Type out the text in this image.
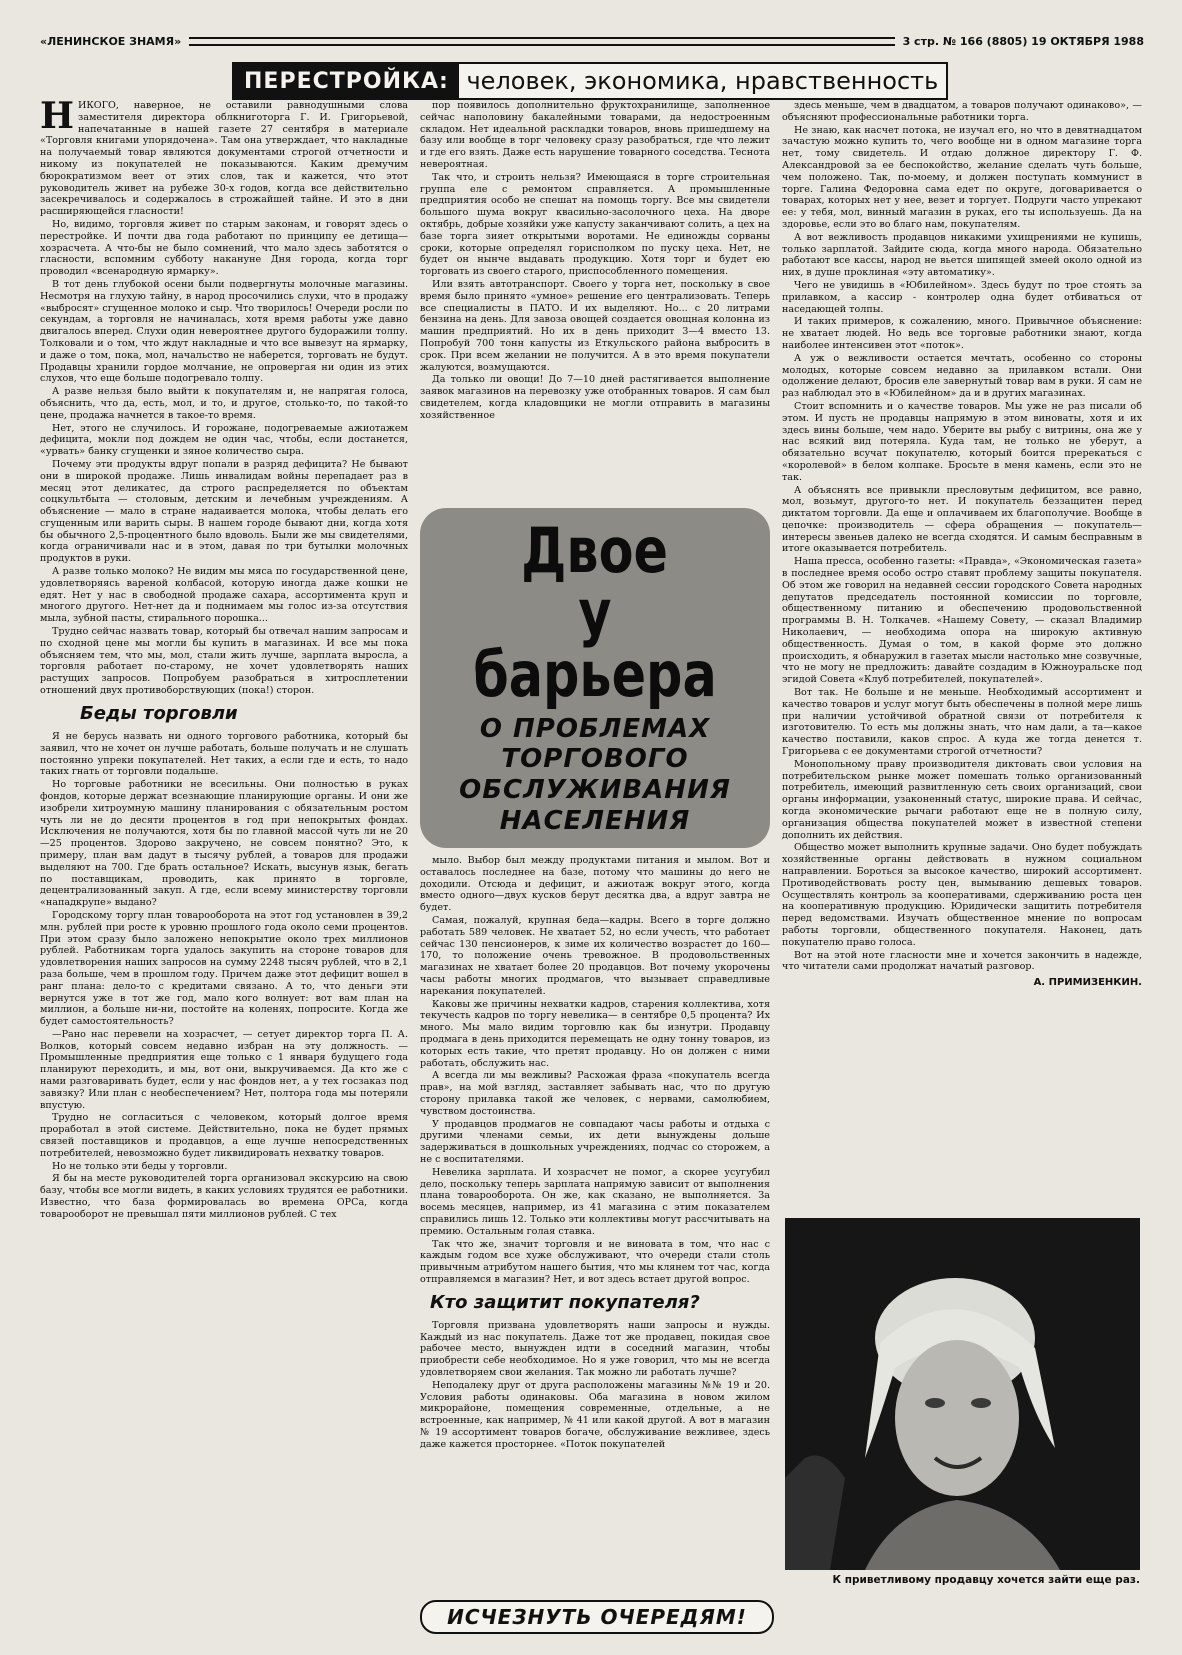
«ЛЕНИНСКОЕ ЗНАМЯ»	3 стр. № 166 (8805) 19 ОКТЯБРЯ 1988
ПЕРЕСТРОЙКА: человек, экономика, нравственность

НИКОГО, наверное, не оставили равнодушными слова заместителя директора облкниготорга Г. И. Григорьевой, напечатанные в нашей газете 27 сентября в материале «Торговля книгами упорядочена». Там она утверждает, что накладные на получаемый товар являются документами строгой отчетности и никому из покупателей не показываются. Каким дремучим бюрократизмом веет от этих слов, так и кажется, что этот руководитель живет на рубеже 30-х годов, когда все действительно засекречивалось и содержалось в строжайшей тайне. И это в дни расширяющейся гласности!

Но, видимо, торговля живет по старым законам, и говорят здесь о перестройке. И почти два года работают по принципу ее детища—хозрасчета. А что-бы не было сомнений, что мало здесь заботятся о гласности, вспомним субботу накануне Дня города, когда торг проводил «всенародную ярмарку».

В тот день глубокой осени были подвергнуты молочные магазины. Несмотря на глухую тайну, в народ просочились слухи, что в продажу «выбросят» сгущенное молоко и сыр. Что творилось! Очереди росли по секундам, а торговля не начиналась, хотя время работы уже давно двигалось вперед. Слухи один невероятнее другого будоражили толпу. Толковали и о том, что ждут накладные и что все вывезут на ярмарку, и даже о том, пока, мол, начальство не наберется, торговать не будут. Продавцы хранили гордое молчание, не опровергая ни один из этих слухов, что еще больше подогревало толпу.

А разве нельзя было выйти к покупателям и, не напрягая голоса, объяснить, что да, есть, мол, и то, и другое, столько-то, по такой-то цене, продажа начнется в такое-то время.

Нет, этого не случилось. И горожане, подогреваемые ажиотажем дефицита, мокли под дождем не один час, чтобы, если достанется, «урвать» банку сгущенки и зяное количество сыра.

Почему эти продукты вдруг попали в разряд дефицита? Не бывают они в широкой продаже. Лишь инвалидам войны перепадает раз в месяц этот деликатес, да строго распределяется по объектам соцкультбыта — столовым, детским и лечебным учреждениям. А объяснение — мало в стране надаивается молока, чтобы делать его сгущенным или варить сыры. В нашем городе бывают дни, когда хотя бы обычного 2,5-процентного было вдоволь. Были же мы свидетелями, когда ограничивали нас и в этом, давая по три бутылки молочных продуктов в руки.

А разве только молоко? Не видим мы мяса по государственной цене, удовлетворяясь вареной колбасой, которую иногда даже кошки не едят. Нет у нас в свободной продаже сахара, ассортимента круп и многого другого. Нет-нет да и поднимаем мы голос из-за отсутствия мыла, зубной пасты, стирального порошка...

Трудно сейчас назвать товар, который бы отвечал нашим запросам и по сходной цене мы могли бы купить в магазинах. И все мы пока объясняем тем, что мы, мол, стали жить лучше, зарплата выросла, а торговля работает по-старому, не хочет удовлетворять наших растущих запросов. Попробуем разобраться в хитросплетении отношений двух противоборствующих (пока!) сторон.

Беды торговли

Я не берусь назвать ни одного торгового работника, который бы заявил, что не хочет он лучше работать, больше получать и не слушать постоянно упреки покупателей. Нет таких, а если где и есть, то надо таких гнать от торговли подальше.

Но торговые работники не всесильны. Они полностью в руках фондов, которые держат всезнающие планирующие органы. И они же изобрели хитроумную машину планирования с обязательным ростом чуть ли не до десяти процентов в год при непокрытых фондах. Исключения не получаются, хотя бы по главной массой чуть ли не 20—25 процентов. Здорово закручено, не совсем понятно? Это, к примеру, план вам дадут в тысячу рублей, а товаров для продажи выделяют на 700. Где брать остальное? Искать, высунув язык, бегать по поставщикам, проводить, как принято в торговле, децентрализованный закуп. А где, если всему министерству торговли «нападкрупе» выдано?

Городскому торгу план товарооборота на этот год установлен в 39,2 млн. рублей при росте к уровню прошлого года около семи процентов. При этом сразу было заложено непокрытие около трех миллионов рублей. Работникам торга удалось закупить на стороне товаров для удовлетворения наших запросов на сумму 2248 тысяч рублей, что в 2,1 раза больше, чем в прошлом году. Причем даже этот дефицит вошел в ранг плана: дело-то с кредитами связано. А то, что деньги эти вернутся уже в тот же год, мало кого волнует: вот вам план на миллион, а больше ни-ни, постойте на коленях, попросите. Когда же будет самостоятельность?

—Рано нас перевели на хозрасчет, — сетует директор торга П. А. Волков, который совсем недавно избран на эту должность. — Промышленные предприятия еще только с 1 января будущего года планируют переходить, и мы, вот они, выкручиваемся. Да кто же с нами разговаривать будет, если у нас фондов нет, а у тех госзаказ под завязку? Или план с необеспечением? Нет, полтора года мы потеряли впустую.

Трудно не согласиться с человеком, который долгое время проработал в этой системе. Действительно, пока не будет прямых связей поставщиков и продавцов, а еще лучше непосредственных потребителей, невозможно будет ликвидировать нехватку товаров.

Но не только эти беды у торговли.

Я бы на месте руководителей торга организовал экскурсию на свою базу, чтобы все могли видеть, в каких условиях трудятся ее работники. Известно, что база формировалась во времена ОРСа, когда товарооборот не превышал пяти миллионов рублей. С тех

пор появилось дополнительно фруктохранилище, заполненное сейчас наполовину бакалейными товарами, да недостроенным складом. Нет идеальной раскладки товаров, вновь пришедшему на базу или вообще в торг человеку сразу разобраться, где что лежит и где его взять. Даже есть нарушение товарного соседства. Теснота невероятная.

Так что, и строить нельзя? Имеющаяся в торге строительная группа еле с ремонтом справляется. А промышленные предприятия особо не спешат на помощь торгу. Все мы свидетели большого шума вокруг квасильно-засолочного цеха. На дворе октябрь, добрые хозяйки уже капусту заканчивают солить, а цех на базе торга зияет открытыми воротами. Не единожды сорваны сроки, которые определял горисполком по пуску цеха. Нет, не будет он нынче выдавать продукцию. Хотя торг и будет ею торговать из своего старого, приспособленного помещения.

Или взять автотранспорт. Своего у торга нет, поскольку в свое время было принято «умное» решение его централизовать. Теперь все специалисты в ПАТО. И их выделяют. Но... с 20 литрами бензина на день. Для завоза овощей создается овощная колонна из машин предприятий. Но их в день приходит 3—4 вместо 13. Попробуй 700 тонн капусты из Еткульского района выбросить в срок. При всем желании не получится. А в это время покупатели жалуются, возмущаются.

Да только ли овощи! До 7—10 дней растягивается выполнение заявок магазинов на перевозку уже отобранных товаров. Я сам был свидетелем, когда кладовщики не могли отправить в магазины хозяйственное

Двое
у барьера
О ПРОБЛЕМАХ
ТОРГОВОГО
ОБСЛУЖИВАНИЯ
НАСЕЛЕНИЯ

мыло. Выбор был между продуктами питания и мылом. Вот и оставалось последнее на базе, потому что машины до него не доходили. Отсюда и дефицит, и ажиотаж вокруг этого, когда вместо одного—двух кусков берут десятка два, а вдруг завтра не будет.

Самая, пожалуй, крупная беда—кадры. Всего в торге должно работать 589 человек. Не хватает 52, но если учесть, что работает сейчас 130 пенсионеров, к зиме их количество возрастет до 160—170, то положение очень тревожное. В продовольственных магазинах не хватает более 20 продавцов. Вот почему укорочены часы работы многих продмагов, что вызывает справедливые нарекания покупателей.

Каковы же причины нехватки кадров, старения коллектива, хотя текучесть кадров по торгу невелика— в сентябре 0,5 процента? Их много. Мы мало видим торговлю как бы изнутри. Продавцу продмага в день приходится перемещать не одну тонну товаров, из которых есть такие, что претят продавцу. Но он должен с ними работать, обслужить нас.

А всегда ли мы вежливы? Расхожая фраза «покупатель всегда прав», на мой взгляд, заставляет забывать нас, что по другую сторону прилавка такой же человек, с нервами, самолюбием, чувством достоинства.

У продавцов продмагов не совпадают часы работы и отдыха с другими членами семьи, их дети вынуждены дольше задерживаться в дошкольных учреждениях, подчас со сторожем, а не с воспитателями.

Невелика зарплата. И хозрасчет не помог, а скорее усугубил дело, поскольку теперь зарплата напрямую зависит от выполнения плана товарооборота. Он же, как сказано, не выполняется. За восемь месяцев, например, из 41 магазина с этим показателем справились лишь 12. Только эти коллективы могут рассчитывать на премию. Остальным голая ставка.

Так что же, значит торговля и не виновата в том, что нас с каждым годом все хуже обслуживают, что очереди стали столь привычным атрибутом нашего бытия, что мы клянем тот час, когда отправляемся в магазин? Нет, и вот здесь встает другой вопрос.

Кто защитит покупателя?

Торговля призвана удовлетворять наши запросы и нужды. Каждый из нас покупатель. Даже тот же продавец, покидая свое рабочее место, вынужден идти в соседний магазин, чтобы приобрести себе необходимое. Но я уже говорил, что мы не всегда удовлетворяем свои желания. Так можно ли работать лучше?

Неподалеку друг от друга расположены магазины №№ 19 и 20. Условия работы одинаковы. Оба магазина в новом жилом микрорайоне, помещения современные, отдельные, а не встроенные, как например, № 41 или какой другой. А вот в магазин № 19 ассортимент товаров богаче, обслуживание вежливее, здесь даже кажется просторнее. «Поток покупателей

здесь меньше, чем в двадцатом, а товаров получают одинаково», — объясняют профессиональные работники торга.

Не знаю, как насчет потока, не изучал его, но что в девятнадцатом зачастую можно купить то, чего вообще ни в одном магазине торга нет, тому свидетель. И отдаю должное директору Г. Ф. Александровой за ее беспокойство, желание сделать чуть больше, чем положено. Так, по-моему, и должен поступать коммунист в торге. Галина Федоровна сама едет по округе, договаривается о товарах, которых нет у нее, везет и торгует. Подруги часто упрекают ее: у тебя, мол, винный магазин в руках, его ты используешь. Да на здоровье, если это во благо нам, покупателям.

А вот вежливость продавцов никакими ухищрениями не купишь, только зарплатой. Зайдите сюда, когда много народа. Обязательно работают все кассы, народ не вьется шипящей змеей около одной из них, в душе проклиная «эту автоматику».

Чего не увидишь в «Юбилейном». Здесь будут по трое стоять за прилавком, а кассир - контролер одна будет отбиваться от наседающей толпы.

И таких примеров, к сожалению, много. Привычное объяснение: не хватает людей. Но ведь все торговые работники знают, когда наиболее интенсивен этот «поток».

А уж о вежливости остается мечтать, особенно со стороны молодых, которые совсем недавно за прилавком встали. Они одолжение делают, бросив еле завернутый товар вам в руки. Я сам не раз наблюдал это в «Юбилейном» да и в других магазинах.

Стоит вспомнить и о качестве товаров. Мы уже не раз писали об этом. И пусть не продавцы напрямую в этом виноваты, хотя и их здесь вины больше, чем надо. Уберите вы рыбу с витрины, она же у нас всякий вид потеряла. Куда там, не только не уберут, а обязательно всучат покупателю, который боится пререкаться с «королевой» в белом колпаке. Бросьте в меня камень, если это не так.

А объяснять все привыкли пресловутым дефицитом, все равно, мол, возьмут, другого-то нет. И покупатель беззащитен перед диктатом торговли. Да еще и оплачиваем их благополучие. Вообще в цепочке: производитель — сфера обращения — покупатель—интересы звеньев далеко не всегда сходятся. И самым бесправным в итоге оказывается потребитель.

Наша пресса, особенно газеты: «Правда», «Экономическая газета» в последнее время особо остро ставят проблему защиты покупателя. Об этом же говорил на недавней сессии городского Совета народных депутатов председатель постоянной комиссии по торговле, общественному питанию и обеспечению продовольственной программы В. Н. Толкачев. «Нашему Совету, — сказал Владимир Николаевич, — необходима опора на широкую активную общественность. Думая о том, в какой форме это должно происходить, я обнаружил в газетах мысли настолько мне созвучные, что не могу не предложить: давайте создадим в Южноуральске под эгидой Совета «Клуб потребителей, покупателей».

Вот так. Не больше и не меньше. Необходимый ассортимент и качество товаров и услуг могут быть обеспечены в полной мере лишь при наличии устойчивой обратной связи от потребителя к изготовителю. То есть мы должны знать, что нам дали, а та—какое качество поставили, каков спрос. А куда же тогда денется т. Григорьева с ее документами строгой отчетности?

Монопольному праву производителя диктовать свои условия на потребительском рынке может помешать только организованный потребитель, имеющий развитленную сеть своих организаций, свои органы информации, узаконенный статус, широкие права. И сейчас, когда экономические рычаги работают еще не в полную силу, организация общества покупателей может в известной степени дополнить их действия.

Общество может выполнить крупные задачи. Оно будет побуждать хозяйственные органы действовать в нужном социальном направлении. Бороться за высокое качество, широкий ассортимент. Противодействовать росту цен, вымыванию дешевых товаров. Осуществлять контроль за кооперативами, сдерживанию роста цен на кооперативную продукцию. Юридически защитить потребителя перед ведомствами. Изучать общественное мнение по вопросам работы торговли, общественного покупателя. Наконец, дать покупателю право голоса.

Вот на этой ноте гласности мне и хочется закончить в надежде, что читатели сами продолжат начатый разговор.

А. ПРИМИЗЕНКИН.
К приветливому продавцу хочется зайти еще раз.
ИСЧЕЗНУТЬ ОЧЕРЕДЯМ!
